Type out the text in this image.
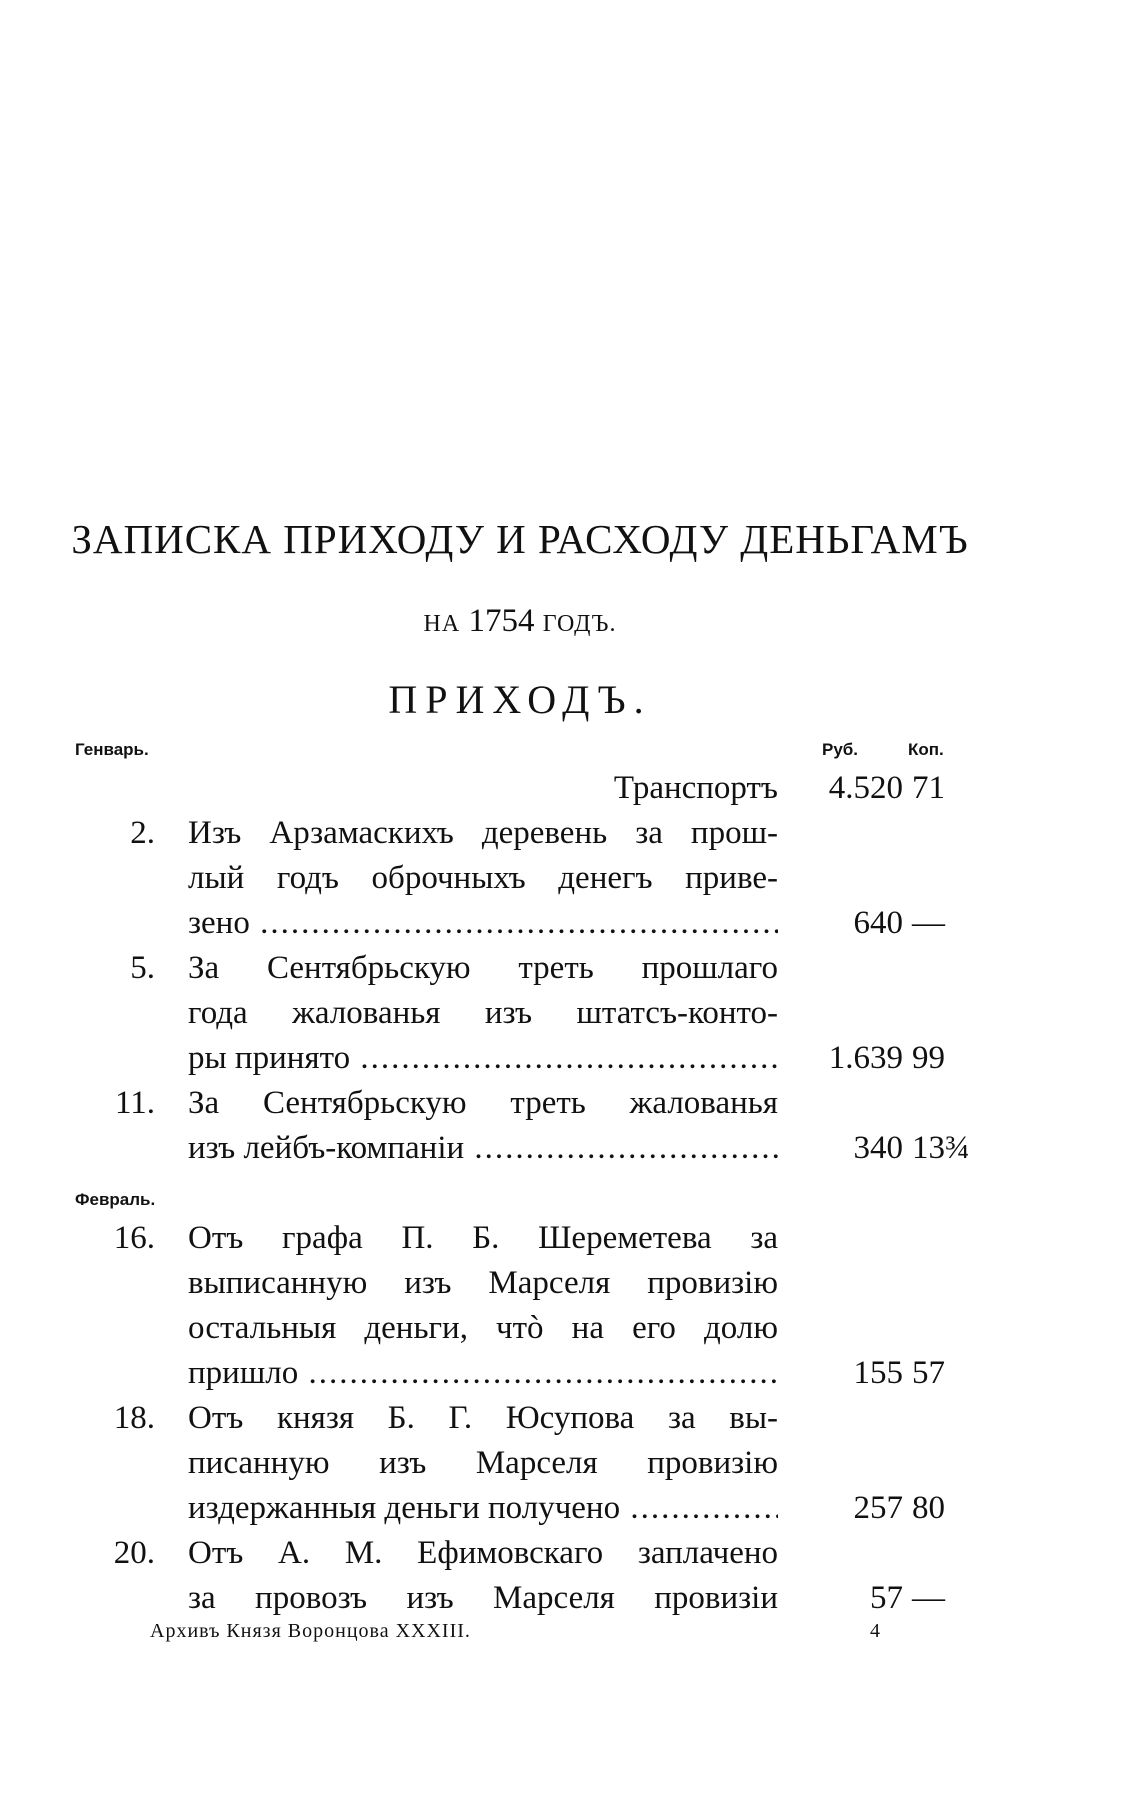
ЗАПИСКА ПРИХОДУ И РАСХОДУ ДЕНЬГАМЪ
НА 1754 ГОДЪ.
ПРИХОДЪ.
Генварь.	Руб.	Коп.
Транспортъ	4.520 71
2. Изъ Арзамаскихъ деревень за прош-
лый годъ оброчныхъ денегъ приве-
зено .....	640 —
5. За Сентябрьскую треть прошлаго
года жалованья изъ штатсъ-конто-
ры принято .....	1.639 99
11. За Сентябрьскую треть жалованья
изъ лейбъ-компаніи .....	340 13¾
Февраль.
16. Отъ графа П. Б. Шереметева за
выписанную изъ Марселя провизію
остальныя деньги, чтò на его долю
пришло .....	155 57
18. Отъ князя Б. Г. Юсупова за вы-
писанную изъ Марселя провизію
издержанныя деньги получено .....	257 80
20. Отъ А. М. Ефимовскаго заплачено
за провозъ изъ Марселя провизіи	57 —
Архивъ Князя Воронцова XXXIII.	4
